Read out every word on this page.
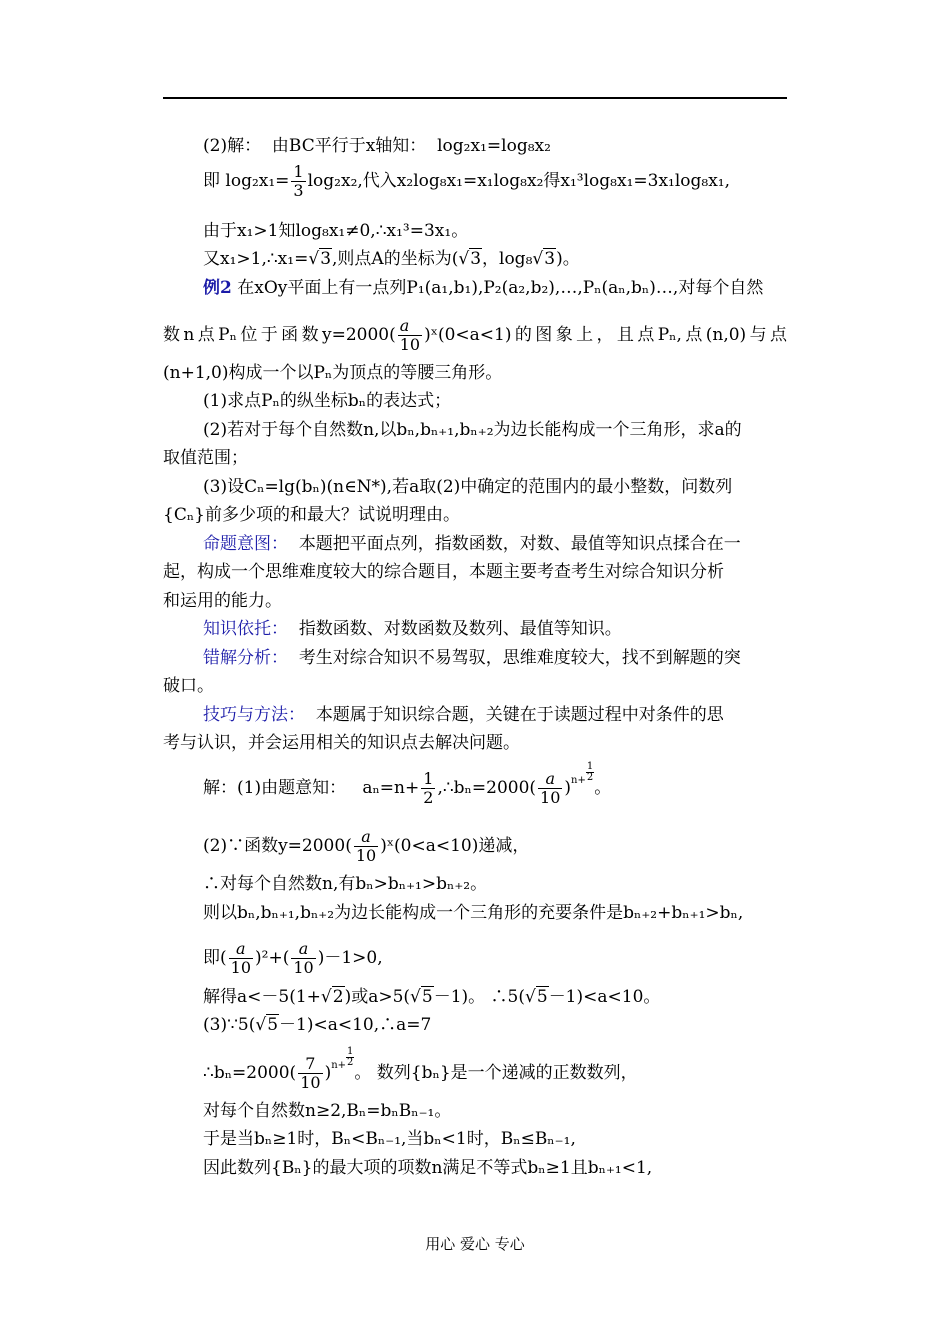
(2)解： 由BC平行于x轴知： log₂x₁=log₈x₂
即 $\log_2x_1= \frac{1}{3} \log_2x_2$,代入x₂log₈x₁=x₁log₈x₂得x₁³log₈x₁=3x₁log₈x₁,
由于x₁>1知log₈x₁≠0,∴x₁³=3x₁。
又x₁>1,∴x₁=√3,则点A的坐标为(√3，log₈√3)。
例2 在xOy平面上有一点列P₁(a₁,b₁),P₂(a₂,b₂),…,Pₙ(aₙ,bₙ)…,对每个自然
数n点Pₙ位于函数$y=2000( \frac{a}{10}$ )ˣ(0<a<1)的图象上，且点Pₙ,点(n,0)与点
(n+1,0)构成一个以Pₙ为顶点的等腰三角形。
(1)求点Pₙ的纵坐标bₙ的表达式；
(2)若对于每个自然数n,以bₙ,bₙ₊₁,bₙ₊₂为边长能构成一个三角形，求a的
取值范围；
(3)设Cₙ=lg(bₙ)(n∈N*),若a取(2)中确定的范围内的最小整数，问数列
{Cₙ}前多少项的和最大？试说明理由。
命题意图： 本题把平面点列，指数函数，对数、最值等知识点揉合在一
起，构成一个思维难度较大的综合题目，本题主要考查考生对综合知识分析
和运用的能力。
知识依托： 指数函数、对数函数及数列、最值等知识。
错解分析： 考生对综合知识不易驾驭，思维难度较大，找不到解题的突
破口。
技巧与方法： 本题属于知识综合题，关键在于读题过程中对条件的思
考与认识，并会运用相关的知识点去解决问题。
解：(1)由题意知： $a_n=n+ \frac{1}{2}$ ,∴bₙ=2000( $\frac{a}{10} )^{n+} \frac{1}{2}$
。
(2)∵函数$y=2000( \frac{a}{10}$ )ˣ(0<a<10)递减，
∴对每个自然数n,有bₙ>bₙ₊₁>bₙ₊₂。
则以bₙ,bₙ₊₁,bₙ₊₂为边长能构成一个三角形的充要条件是bₙ₊₂+bₙ₊₁>bₙ,
即( $\frac{a}{10} )^2+( \frac{a}{10} )-1>0$,
解得a<－5(1+√2)或a>5(√5－1)。 ∴5(√5－1)<a<10。
(3)∵5(√5－1)<a<10,∴a=7
∴bₙ=2000( $\frac{7}{10} )^{n+} \frac{1}{2}$
。 数列{bₙ}是一个递减的正数数列，
对每个自然数n≥2,Bₙ=bₙBₙ₋₁。
于是当bₙ≥1时，Bₙ<Bₙ₋₁,当bₙ<1时，Bₙ≤Bₙ₋₁,
因此数列{Bₙ}的最大项的项数n满足不等式bₙ≥1且bₙ₊₁<1,
用心 爱心 专心
